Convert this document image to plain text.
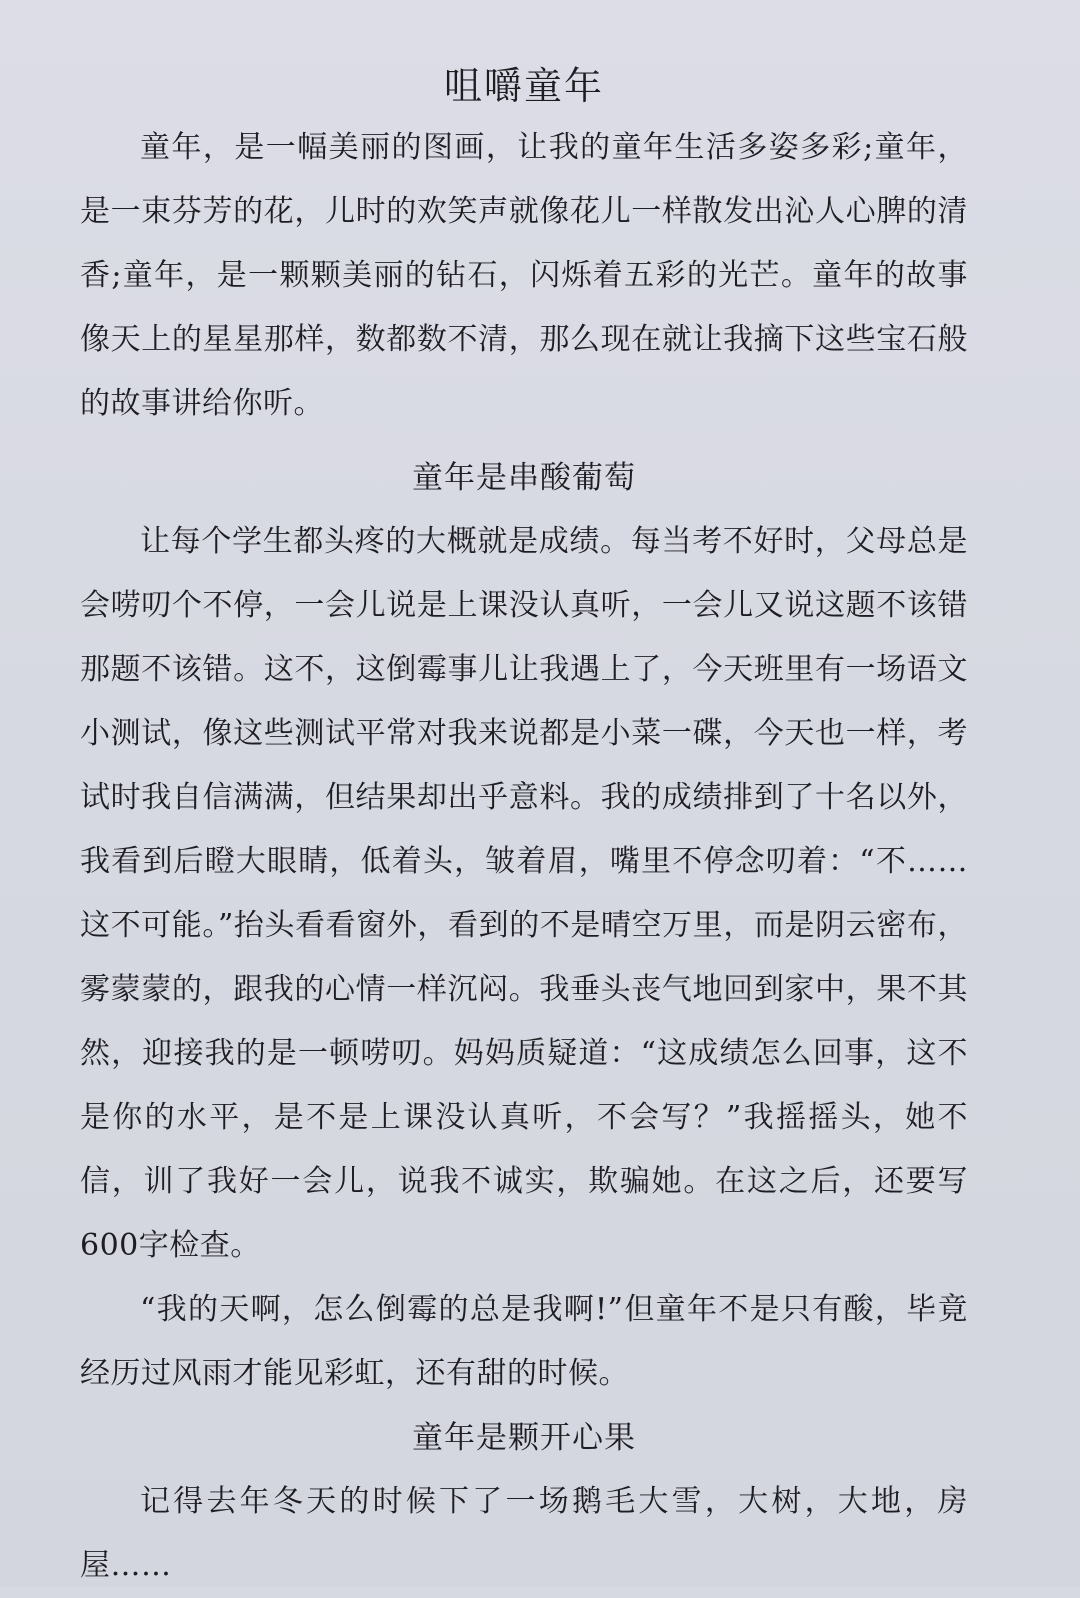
咀嚼童年

童年，是一幅美丽的图画，让我的童年生活多姿多彩;童年，是一束芬芳的花，儿时的欢笑声就像花儿一样散发出沁人心脾的清香;童年，是一颗颗美丽的钻石，闪烁着五彩的光芒。童年的故事像天上的星星那样，数都数不清，那么现在就让我摘下这些宝石般的故事讲给你听。

童年是串酸葡萄

让每个学生都头疼的大概就是成绩。每当考不好时，父母总是会唠叨个不停，一会儿说是上课没认真听，一会儿又说这题不该错那题不该错。这不，这倒霉事儿让我遇上了，今天班里有一场语文小测试，像这些测试平常对我来说都是小菜一碟，今天也一样，考试时我自信满满，但结果却出乎意料。我的成绩排到了十名以外，我看到后瞪大眼睛，低着头，皱着眉，嘴里不停念叨着：“不……这不可能。”抬头看看窗外，看到的不是晴空万里，而是阴云密布，雾蒙蒙的，跟我的心情一样沉闷。我垂头丧气地回到家中，果不其然，迎接我的是一顿唠叨。妈妈质疑道：“这成绩怎么回事，这不是你的水平，是不是上课没认真听，不会写？”我摇摇头，她不信，训了我好一会儿，说我不诚实，欺骗她。在这之后，还要写600字检查。

“我的天啊，怎么倒霉的总是我啊!”但童年不是只有酸，毕竟经历过风雨才能见彩虹，还有甜的时候。

童年是颗开心果

记得去年冬天的时候下了一场鹅毛大雪，大树，大地，房屋……
